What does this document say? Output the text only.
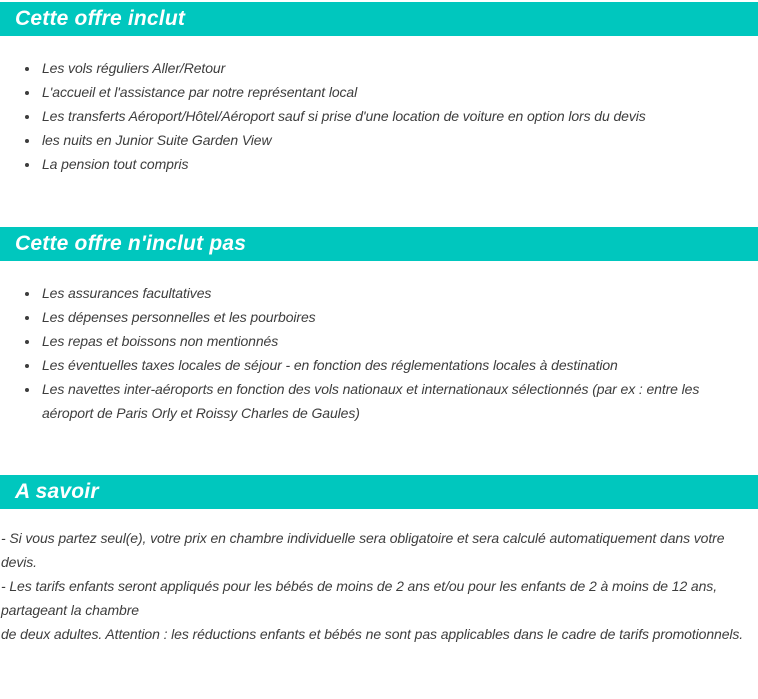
Cette offre inclut
• Les vols réguliers Aller/Retour
• L'accueil et l'assistance par notre représentant local
• Les transferts Aéroport/Hôtel/Aéroport sauf si prise d'une location de voiture en option lors du devis
• les nuits en Junior Suite Garden View
• La pension tout compris
Cette offre n'inclut pas
• Les assurances facultatives
• Les dépenses personnelles et les pourboires
• Les repas et boissons non mentionnés
• Les éventuelles taxes locales de séjour - en fonction des réglementations locales à destination
• Les navettes inter-aéroports en fonction des vols nationaux et internationaux sélectionnés (par ex : entre les aéroport de Paris Orly et Roissy Charles de Gaules)
A savoir

- Si vous partez seul(e), votre prix en chambre individuelle sera obligatoire et sera calculé automatiquement dans votre devis.

- Les tarifs enfants seront appliqués pour les bébés de moins de 2 ans et/ou pour les enfants de 2 à moins de 12 ans, partageant la chambre

de deux adultes. Attention : les réductions enfants et bébés ne sont pas applicables dans le cadre de tarifs promotionnels.
